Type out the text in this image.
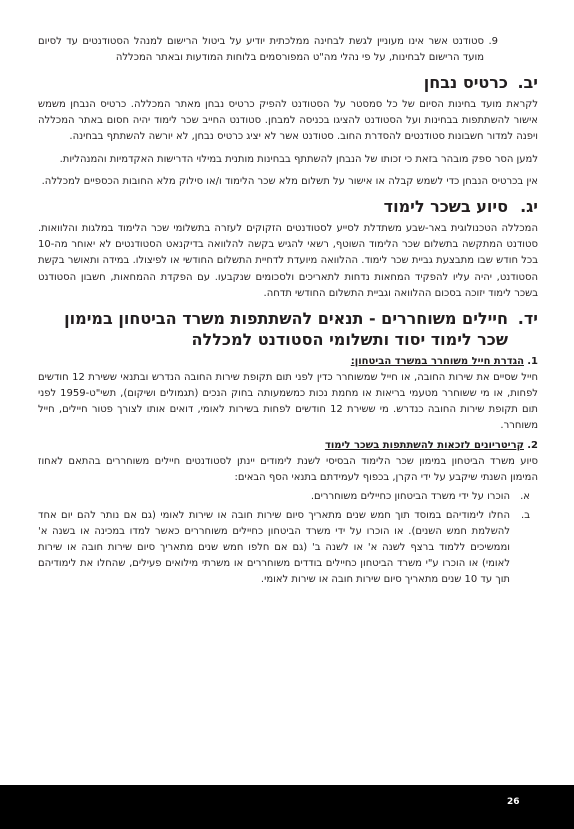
9.
סטודנט אשר אינו מעוניין לגשת לבחינה ממלכתית יודיע על ביטול הרישום למנהל הסטודנטים עד לסיום מועד הרישום לבחינות, על פי נהלי מה"ט המפורסמים בלוחות המודעות ובאתר המכללה
יב.
כרטיס נבחן

לקראת מועד בחינות הסיום של כל סמסטר על הסטודנט להפיק כרטיס נבחן מאתר המכללה. כרטיס הנבחן משמש אישור להשתתפות בבחינות ועל הסטודנט להציגו בכניסה למבחן. סטודנט החייב שכר לימוד יהיה חסום באתר המכללה ויפנה למדור חשבונות סטודנטים להסדרת החוב. סטודנט אשר לא יציג כרטיס נבחן, לא יורשה להשתתף בבחינה.

למען הסר ספק מובהר בזאת כי זכותו של הנבחן להשתתף בבחינות מותנית במילוי הדרישות האקדמיות והמנהליות.

אין בכרטיס הנבחן כדי לשמש קבלה או אישור על תשלום מלא שכר הלימוד ו/או סילוק מלא החובות הכספיים למכללה.

יג.
סיוע בשכר לימוד

המכללה הטכנולוגית באר-שבע משתדלת לסייע לסטודנטים הזקוקים לעזרה בתשלומי שכר הלימוד במלגות והלוואות. סטודנט המתקשה בתשלום שכר הלימוד השוטף, רשאי להגיש בקשה להלוואה בדיקנאט הסטודנטים לא יאוחר מה-10 בכל חודש שבו מתבצעת גביית שכר לימוד. ההלוואה מיועדת לדחיית התשלום החודשי או לפיצולו. במידה ותאושר בקשת הסטודנט, יהיה עליו להפקיד המחאות נדחות לתאריכים ולסכומים שנקבעו. עם הפקדת ההמחאות, חשבון הסטודנט בשכר לימוד יזוכה בסכום ההלוואה וגביית התשלום החודשי תדחה.

יד.
חיילים משוחררים - תנאים להשתתפות משרד הביטחון במימון שכר לימוד יסוד ותשלומי הסטודנט למכללה
1.
הגדרת חייל משוחרר במשרד הביטחון:

חייל שסיים את שירות החובה, או חייל שמשוחרר כדין לפני תום תקופת שירות החובה הנדרש ובתנאי ששירת 12 חודשים לפחות, או מי ששוחרר מטעמי בריאות או מחמת נכות כמשמעותה בחוק הנכים (תגמולים ושיקום), תשי"ט-1959 לפני תום תקופת שירות החובה כנדרש. מי ששירת 12 חודשים לפחות בשירות לאומי, דואים אותו לצורך פטור חיילים, חייל משוחרר.

2.
קריטריונים לזכאות להשתתפות בשכר לימוד

סיוע משרד הביטחון במימון שכר הלימוד הבסיסי לשנת לימודים יינתן לסטודנטים חיילים משוחררים בהתאם לאחוז המימון השנתי שיקבע על ידי הקרן, בכפוף לעמידתם בתנאי הסף הבאים:

א.
הוכרו על ידי משרד הביטחון כחיילים משוחררים.
ב.
החלו לימודיהם במוסד תוך חמש שנים מתאריך סיום שירות חובה או שירות לאומי (גם אם נותר להם יום אחד להשלמת חמש השנים). או הוכרו על ידי משרד הביטחון כחיילים משוחררים כאשר למדו במכינה או בשנה א' וממשיכים ללמוד ברצף לשנה א' או לשנה ב' (גם אם חלפו חמש שנים מתאריך סיום שירות חובה או שירות לאומי) או הוכרו ע"י משרד הביטחון כחיילים בודדים משוחררים או משרתי מילואים פעילים, שהחלו את לימודיהם תוך עד 10 שנים מתאריך סיום שירות חובה או שירות לאומי.
26
